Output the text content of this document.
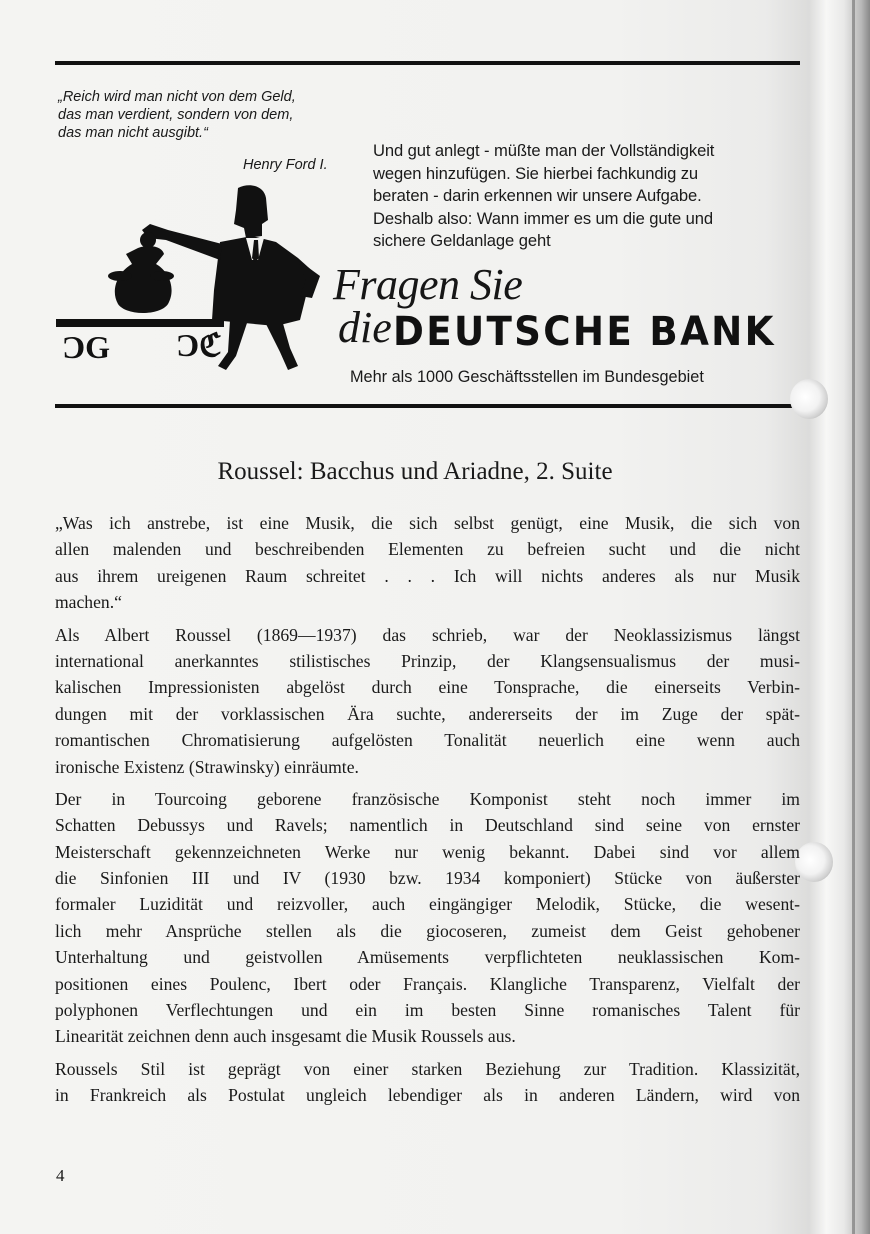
„Reich wird man nicht von dem Geld,
das man verdient, sondern von dem,
das man nicht ausgibt.“
Henry Ford I.
ƆG Ɔℭ
Und gut anlegt - müßte man der Vollständigkeit
wegen hinzufügen. Sie hierbei fachkundig zu
beraten - darin erkennen wir unsere Aufgabe.
Deshalb also: Wann immer es um die gute und
sichere Geldanlage geht
Fragen Sie
die DEUTSCHE BANK
Mehr als 1000 Geschäftsstellen im Bundesgebiet
Roussel: Bacchus und Ariadne, 2. Suite
„Was ich anstrebe, ist eine Musik, die sich selbst genügt, eine Musik, die sich von
allen malenden und beschreibenden Elementen zu befreien sucht und die nicht
aus ihrem ureigenen Raum schreitet . . . Ich will nichts anderes als nur Musik
machen.“
Als Albert Roussel (1869—1937) das schrieb, war der Neoklassizismus längst
international anerkanntes stilistisches Prinzip, der Klangsensualismus der musi-
kalischen Impressionisten abgelöst durch eine Tonsprache, die einerseits Verbin-
dungen mit der vorklassischen Ära suchte, andererseits der im Zuge der spät-
romantischen Chromatisierung aufgelösten Tonalität neuerlich eine wenn auch
ironische Existenz (Strawinsky) einräumte.
Der in Tourcoing geborene französische Komponist steht noch immer im
Schatten Debussys und Ravels; namentlich in Deutschland sind seine von ernster
Meisterschaft gekennzeichneten Werke nur wenig bekannt. Dabei sind vor allem
die Sinfonien III und IV (1930 bzw. 1934 komponiert) Stücke von äußerster
formaler Luzidität und reizvoller, auch eingängiger Melodik, Stücke, die wesent-
lich mehr Ansprüche stellen als die giocoseren, zumeist dem Geist gehobener
Unterhaltung und geistvollen Amüsements verpflichteten neuklassischen Kom-
positionen eines Poulenc, Ibert oder Français. Klangliche Transparenz, Vielfalt der
polyphonen Verflechtungen und ein im besten Sinne romanisches Talent für
Linearität zeichnen denn auch insgesamt die Musik Roussels aus.
Roussels Stil ist geprägt von einer starken Beziehung zur Tradition. Klassizität,
in Frankreich als Postulat ungleich lebendiger als in anderen Ländern, wird von
4
